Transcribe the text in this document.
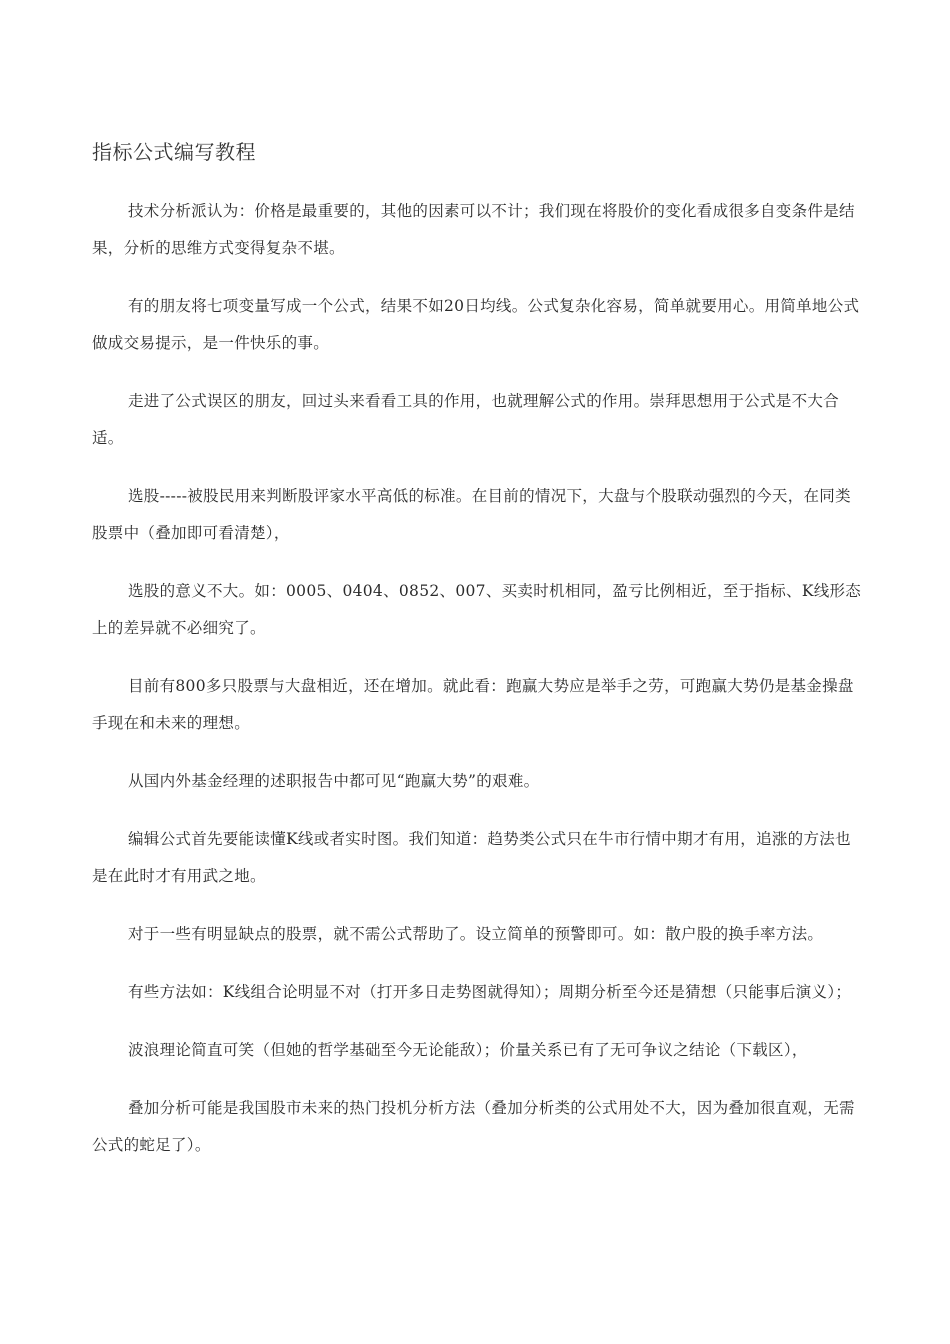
指标公式编写教程

技术分析派认为：价格是最重要的，其他的因素可以不计；我们现在将股价的变化看成很多自变条件是结果，分析的思维方式变得复杂不堪。

有的朋友将七项变量写成一个公式，结果不如20日均线。公式复杂化容易，简单就要用心。用简单地公式做成交易提示，是一件快乐的事。

走进了公式误区的朋友，回过头来看看工具的作用，也就理解公式的作用。崇拜思想用于公式是不大合适。

选股-----被股民用来判断股评家水平高低的标准。在目前的情况下，大盘与个股联动强烈的今天，在同类股票中（叠加即可看清楚），

选股的意义不大。如：0005、0404、0852、007、买卖时机相同，盈亏比例相近，至于指标、K线形态上的差异就不必细究了。

目前有800多只股票与大盘相近，还在增加。就此看：跑赢大势应是举手之劳，可跑赢大势仍是基金操盘手现在和未来的理想。

从国内外基金经理的述职报告中都可见“跑赢大势”的艰难。

编辑公式首先要能读懂K线或者实时图。我们知道：趋势类公式只在牛市行情中期才有用，追涨的方法也是在此时才有用武之地。

对于一些有明显缺点的股票，就不需公式帮助了。设立简单的预警即可。如：散户股的换手率方法。

有些方法如：K线组合论明显不对（打开多日走势图就得知）；周期分析至今还是猜想（只能事后演义）；

波浪理论简直可笑（但她的哲学基础至今无论能敌）；价量关系已有了无可争议之结论（下载区），

叠加分析可能是我国股市未来的热门投机分析方法（叠加分析类的公式用处不大，因为叠加很直观，无需公式的蛇足了）。
